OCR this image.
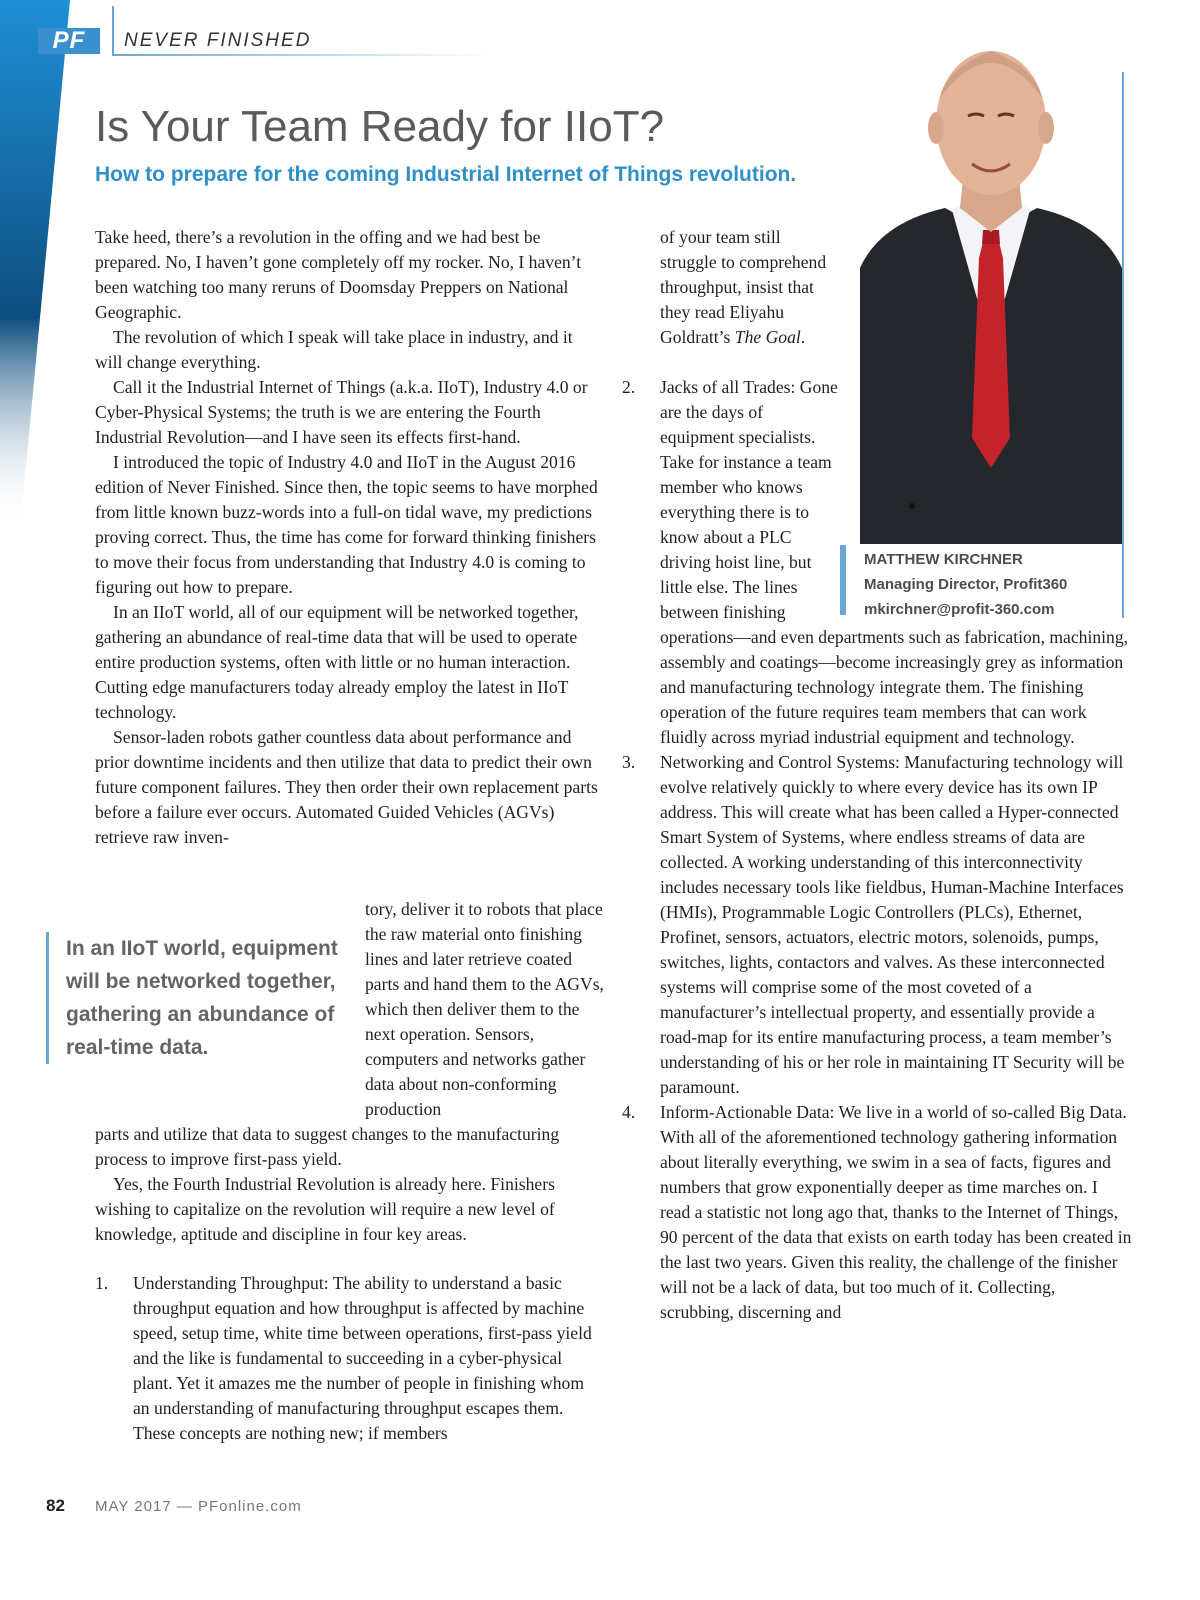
PF	NEVER FINISHED
Is Your Team Ready for IIoT?
How to prepare for the coming Industrial Internet of Things revolution.

Take heed, there’s a revolution in the offing and we had best be prepared. No, I haven’t gone completely off my rocker. No, I haven’t been watching too many reruns of Doomsday Preppers on National Geographic.

The revolution of which I speak will take place in industry, and it will change everything.

Call it the Industrial Internet of Things (a.k.a. IIoT), Industry 4.0 or Cyber-Physical Systems; the truth is we are entering the Fourth Industrial Revolution—and I have seen its effects first-hand.

I introduced the topic of Industry 4.0 and IIoT in the August 2016 edition of Never Finished. Since then, the topic seems to have morphed from little known buzz-words into a full-on tidal wave, my predictions proving correct. Thus, the time has come for forward thinking finishers to move their focus from understanding that Industry 4.0 is coming to figuring out how to prepare.

In an IIoT world, all of our equipment will be networked together, gathering an abundance of real-time data that will be used to operate entire production systems, often with little or no human interaction. Cutting edge manufacturers today already employ the latest in IIoT technology.

Sensor-laden robots gather countless data about performance and prior downtime incidents and then utilize that data to predict their own future component failures. They then order their own replacement parts before a failure ever occurs. Automated Guided Vehicles (AGVs) retrieve raw inven-

In an IIoT world, equipment will be networked together, gathering an abundance of real-time data.

tory, deliver it to robots that place the raw material onto finishing lines and later retrieve coated parts and hand them to the AGVs, which then deliver them to the next operation. Sensors, computers and networks gather data about non-conforming production

parts and utilize that data to suggest changes to the manufacturing process to improve first-pass yield.

Yes, the Fourth Industrial Revolution is already here. Finishers wishing to capitalize on the revolution will require a new level of knowledge, aptitude and discipline in four key areas.

1. Understanding Throughput: The ability to understand a basic throughput equation and how throughput is affected by machine speed, setup time, white time between operations, first-pass yield and the like is fundamental to succeeding in a cyber-physical plant. Yet it amazes me the number of people in finishing whom an understanding of manufacturing throughput escapes them. These concepts are nothing new; if members
of your team still struggle to comprehend throughput, insist that they read Eliyahu Goldratt’s The Goal.
2. Jacks of all Trades: Gone are the days of equipment specialists. Take for instance a team member who knows everything there is to know about a PLC driving hoist line, but little else. The lines between finishing
operations—and even departments such as fabrication, machining, assembly and coatings—become increasingly grey as information and manufacturing technology integrate them. The finishing operation of the future requires team members that can work fluidly across myriad industrial equipment and technology.
3. Networking and Control Systems: Manufacturing technology will evolve relatively quickly to where every device has its own IP address. This will create what has been called a Hyper-connected Smart System of Systems, where endless streams of data are collected. A working understanding of this interconnectivity includes necessary tools like fieldbus, Human-Machine Interfaces (HMIs), Programmable Logic Controllers (PLCs), Ethernet, Profinet, sensors, actuators, electric motors, solenoids, pumps, switches, lights, contactors and valves. As these interconnected systems will comprise some of the most coveted of a manufacturer’s intellectual property, and essentially provide a road-map for its entire manufacturing process, a team member’s understanding of his or her role in maintaining IT Security will be paramount.
4. Inform-Actionable Data: We live in a world of so-called Big Data. With all of the aforementioned technology gathering information about literally everything, we swim in a sea of facts, figures and numbers that grow exponentially deeper as time marches on. I read a statistic not long ago that, thanks to the Internet of Things, 90 percent of the data that exists on earth today has been created in the last two years. Given this reality, the challenge of the finisher will not be a lack of data, but too much of it. Collecting, scrubbing, discerning and
MATTHEW KIRCHNER
Managing Director, Profit360
mkirchner@profit-360.com
82 MAY 2017 — PFonline.com
